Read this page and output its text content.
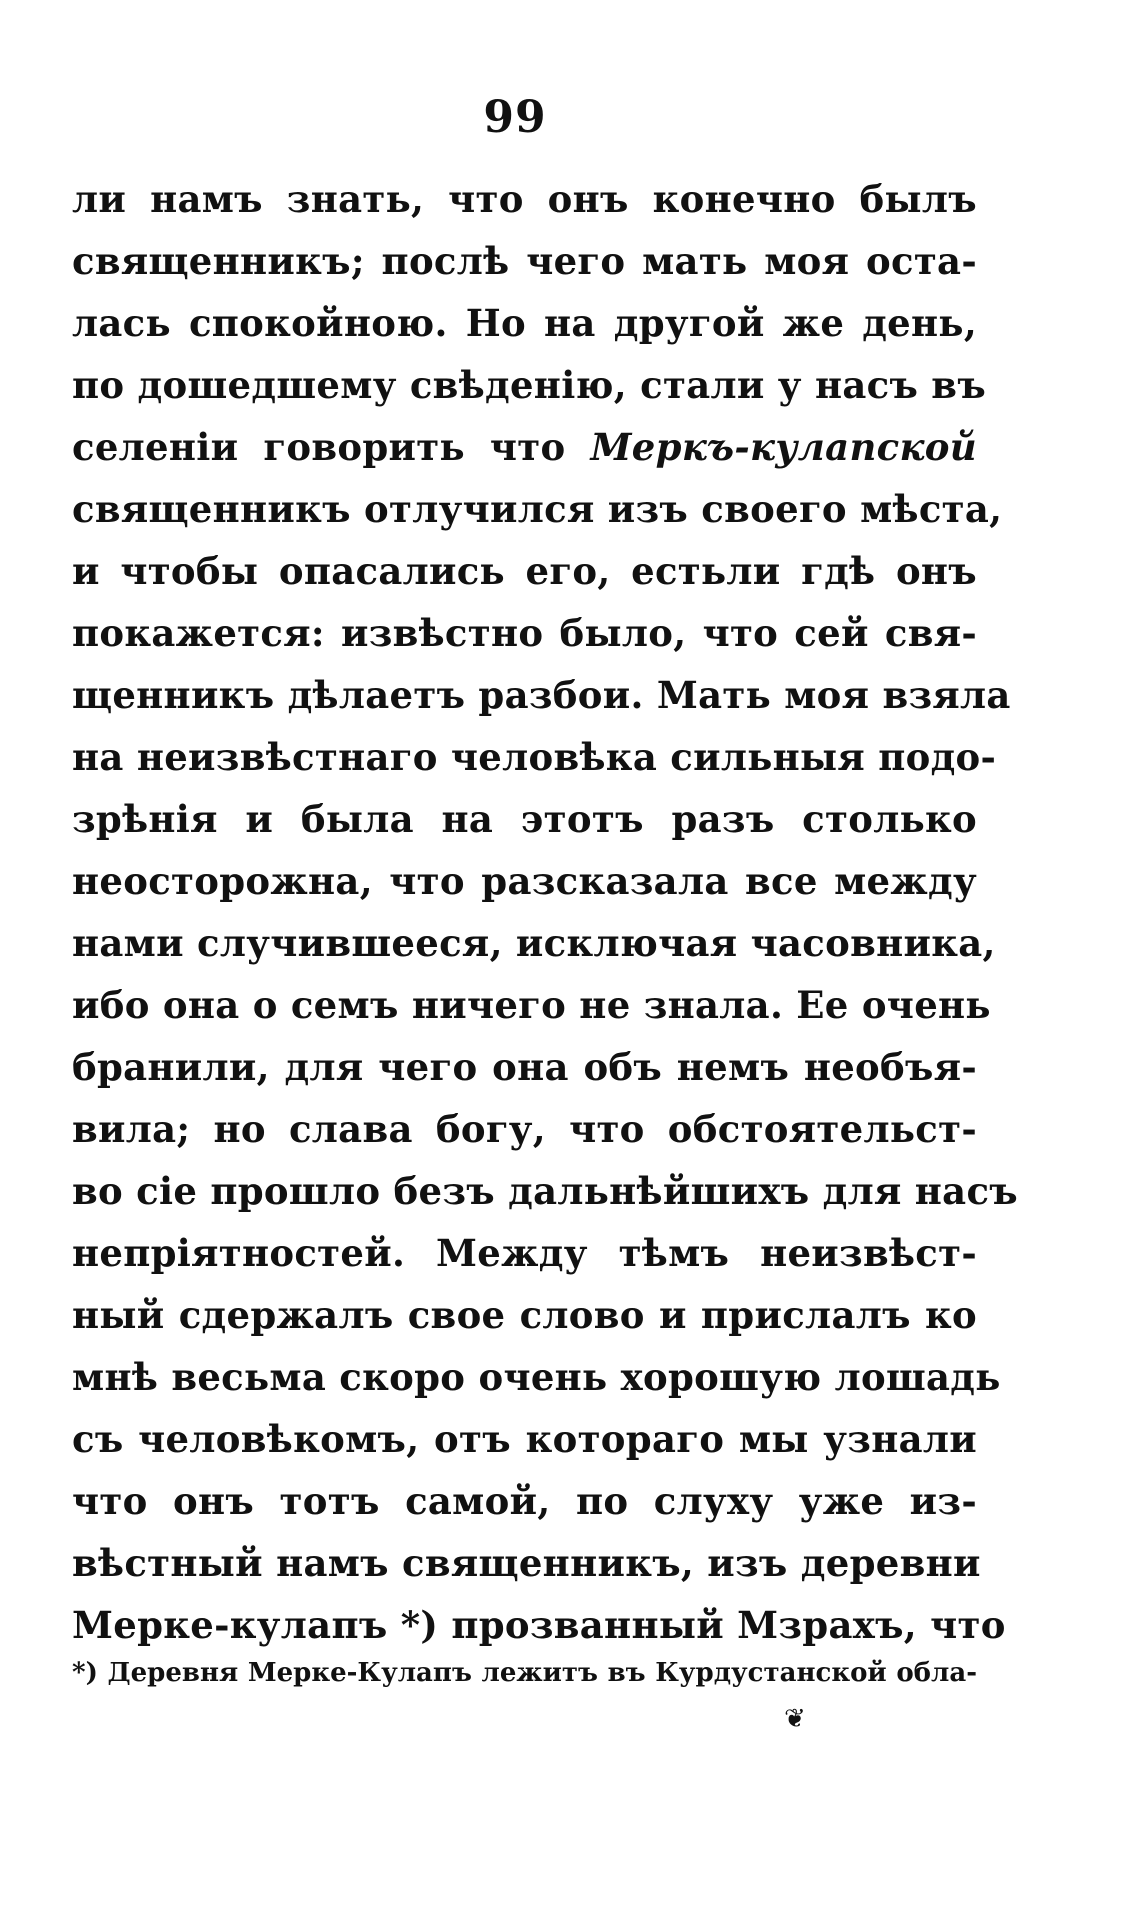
99
ли намъ знать, что онъ конечно былъ
священникъ; послѣ чего мать моя оста-
лась спокойною. Но на другой же день,
по дошедшему свѣденію, стали у насъ въ
селеніи говорить что Меркъ-кулапской
священникъ отлучился изъ своего мѣста,
и чтобы опасались его, естьли гдѣ онъ
покажется: извѣстно было, что сей свя-
щенникъ дѣлаетъ разбои. Мать моя взяла
на неизвѣстнаго человѣка сильныя подо-
зрѣнія и была на этотъ разъ столько
неосторожна, что разсказала все между
нами случившееся, исключая часовника,
ибо она о семъ ничего не знала. Ее очень
бранили, для чего она объ немъ необъя-
вила; но слава богу, что обстоятельст-
во сіе прошло безъ дальнѣйшихъ для насъ
непріятностей. Между тѣмъ неизвѣст-
ный сдержалъ свое слово и прислалъ ко
мнѣ весьма скоро очень хорошую лошадь
съ человѣкомъ, отъ котораго мы узнали
что онъ тотъ самой, по слуху уже из-
вѣстный намъ священникъ, изъ деревни
Мерке-кулапъ *) прозванный Мзрахъ, что
*) Деревня Мерке-Кулапъ лежитъ въ Курдустанской обла-
❦
